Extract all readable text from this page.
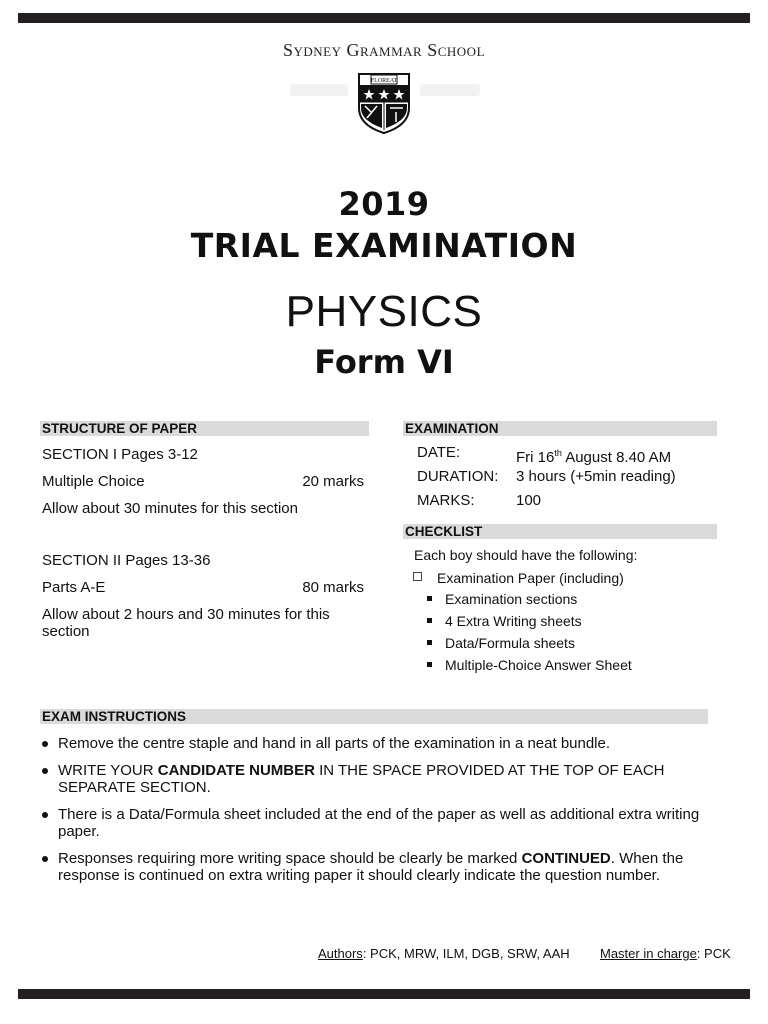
Sydney Grammar School
FLOREAT
2019
TRIAL EXAMINATION
PHYSICS
Form VI
STRUCTURE OF PAPER
SECTION I Pages 3-12
Multiple Choice	20 marks
Allow about 30 minutes for this section
SECTION II Pages 13-36
Parts A-E	80 marks
Allow about 2 hours and 30 minutes for this
section
EXAMINATION
DATE:	Fri 16th August 8.40 AM
DURATION: 3 hours (+5min reading)
MARKS:	100
CHECKLIST
Each boy should have the following:
Examination Paper (including)
Examination sections
4 Extra Writing sheets
Data/Formula sheets
Multiple-Choice Answer Sheet
EXAM INSTRUCTIONS
Remove the centre staple and hand in all parts of the examination in a neat bundle.
WRITE YOUR CANDIDATE NUMBER IN THE SPACE PROVIDED AT THE TOP OF EACH SEPARATE SECTION.
There is a Data/Formula sheet included at the end of the paper as well as additional extra writing paper.
Responses requiring more writing space should be clearly be marked CONTINUED. When the response is continued on extra writing paper it should clearly indicate the question number.
Authors: PCK, MRW, ILM, DGB, SRW, AAH Master in charge: PCK
